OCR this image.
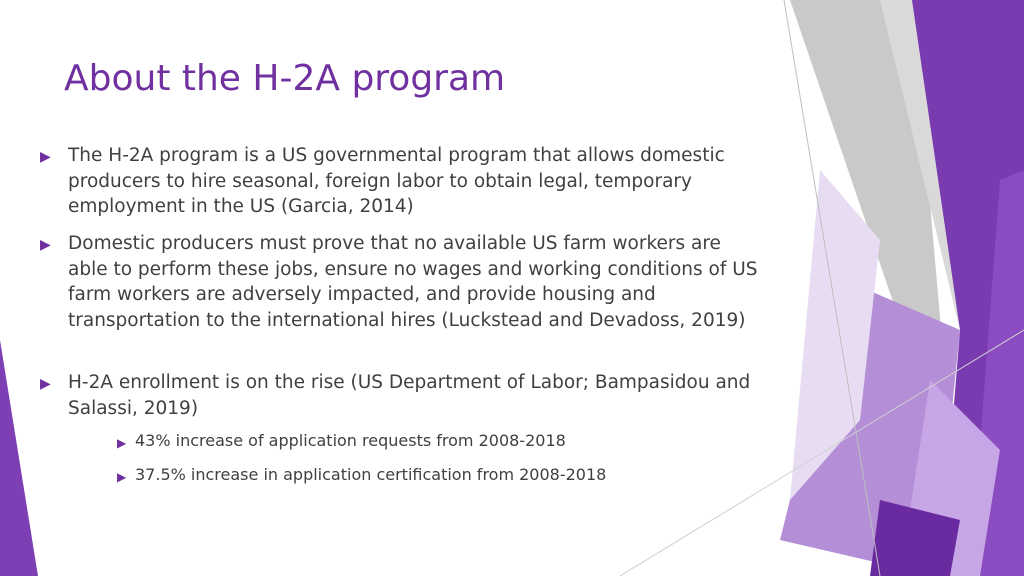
About the H-2A program
▶ The H-2A program is a US governmental program that allows domestic producers to hire seasonal, foreign labor to obtain legal, temporary employment in the US (Garcia, 2014)
▶ Domestic producers must prove that no available US farm workers are able to perform these jobs, ensure no wages and working conditions of US farm workers are adversely impacted, and provide housing and transportation to the international hires (Luckstead and Devadoss, 2019)
▶ H-2A enrollment is on the rise (US Department of Labor; Bampasidou and Salassi, 2019)
▶ 43% increase of application requests from 2008-2018
▶ 37.5% increase in application certification from 2008-2018
